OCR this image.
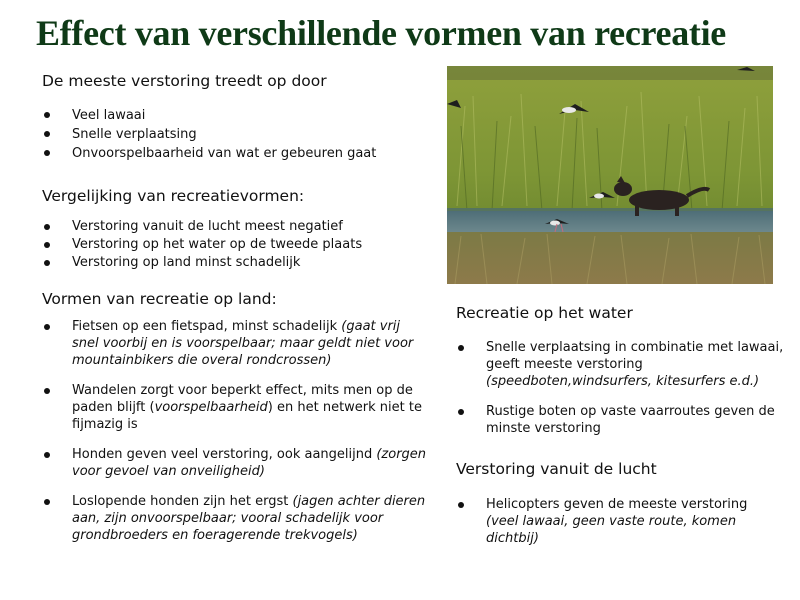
Effect van verschillende vormen van recreatie
De meeste verstoring treedt op door
Veel lawaai
Snelle verplaatsing
Onvoorspelbaarheid van wat er gebeuren gaat
Vergelijking van recreatievormen:
Verstoring vanuit de lucht meest negatief
Verstoring op het water op de tweede plaats
Verstoring op land minst schadelijk
Vormen van recreatie op land:
Fietsen op een fietspad, minst schadelijk (gaat vrij snel voorbij en is voorspelbaar; maar geldt niet voor mountainbikers die overal rondcrossen)
Wandelen zorgt voor beperkt effect, mits men op de paden blijft (voorspelbaarheid) en het netwerk niet te fijmazig is
Honden geven veel verstoring, ook aangelijnd (zorgen voor gevoel van onveiligheid)
Loslopende honden zijn het ergst (jagen achter dieren aan, zijn onvoorspelbaar; vooral schadelijk voor grondbroeders en foeragerende trekvogels)
Recreatie op het water
Snelle verplaatsing in combinatie met lawaai, geeft meeste verstoring (speedboten,windsurfers, kitesurfers e.d.)
Rustige boten op vaste vaarroutes geven de minste verstoring
Verstoring vanuit de lucht
Helicopters geven de meeste verstoring (veel lawaai, geen vaste route, komen dichtbij)
